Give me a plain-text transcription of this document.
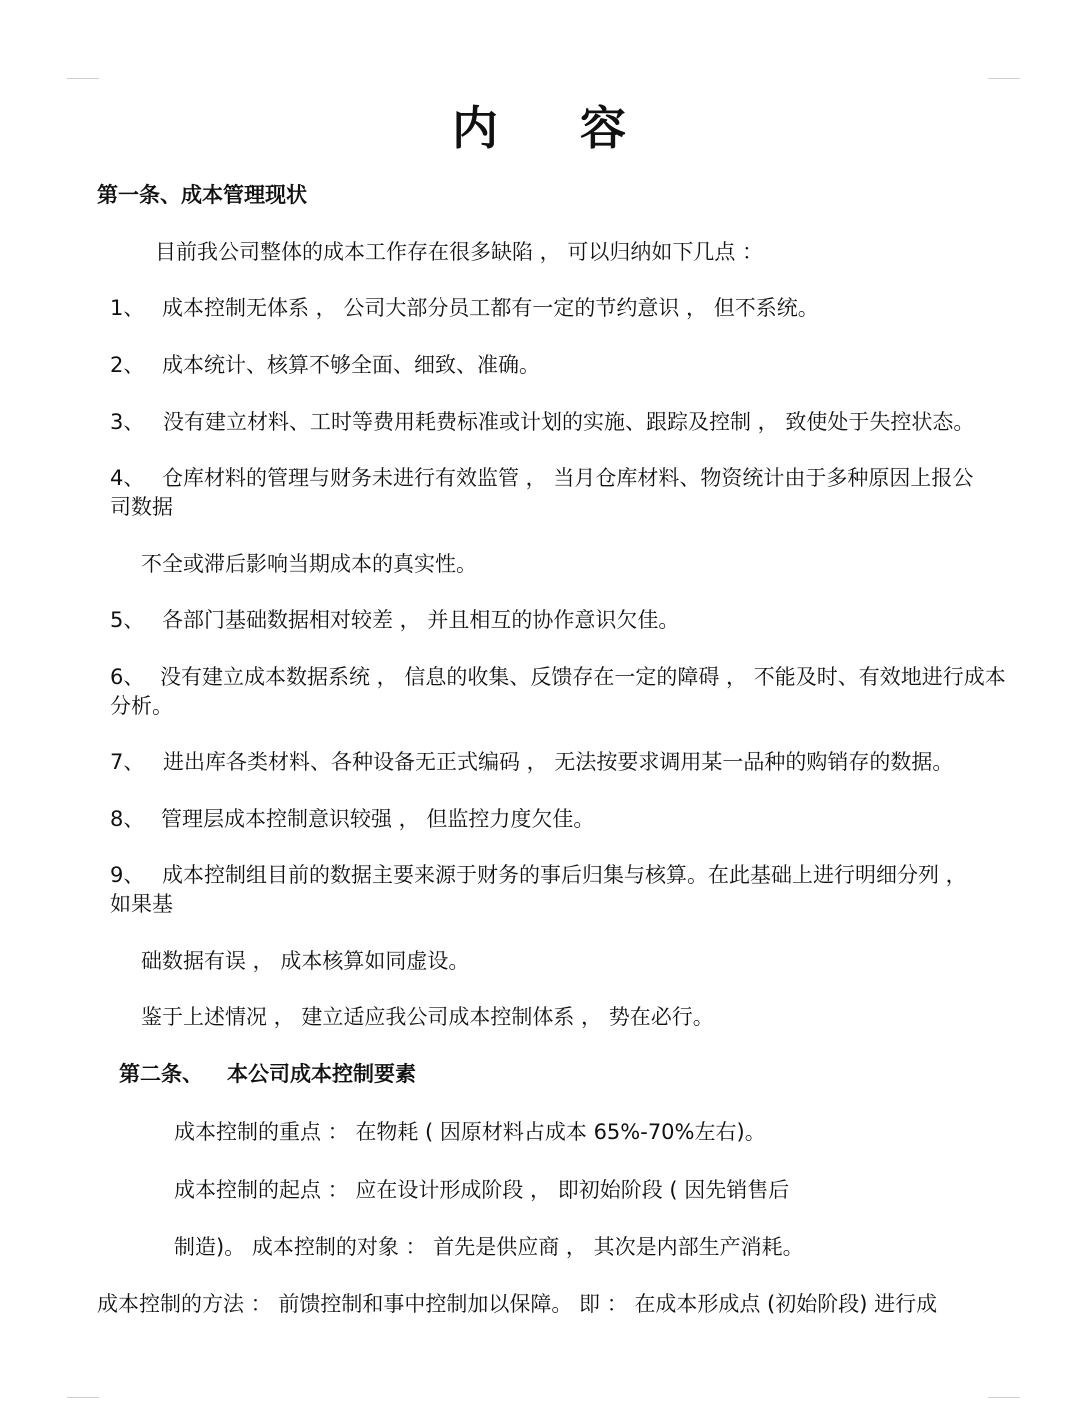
内 容

第一条、成本管理现状

目前我公司整体的成本工作存在很多缺陷 ， 可以归纳如下几点 ：

1、 成本控制无体系 ， 公司大部分员工都有一定的节约意识 ， 但不系统。

2、 成本统计、核算不够全面、细致、准确。

3、 没有建立材料、工时等费用耗费标准或计划的实施、跟踪及控制 ， 致使处于失控状态。

4、 仓库材料的管理与财务未进行有效监管 ， 当月仓库材料、物资统计由于多种原因上报公

司数据

不全或滞后影响当期成本的真实性。

5、 各部门基础数据相对较差 ， 并且相互的协作意识欠佳。

6、 没有建立成本数据系统 ， 信息的收集、反馈存在一定的障碍 ， 不能及时、有效地进行成本

分析。

7、 进出库各类材料、各种设备无正式编码 ， 无法按要求调用某一品种的购销存的数据。

8、 管理层成本控制意识较强 ， 但监控力度欠佳。

9、 成本控制组目前的数据主要来源于财务的事后归集与核算。在此基础上进行明细分列 ，

如果基

础数据有误 ， 成本核算如同虚设。

鉴于上述情况 ， 建立适应我公司成本控制体系 ， 势在必行。

第二条、 本公司成本控制要素

成本控制的重点 ： 在物耗 ( 因原材料占成本 65%-70%左右)。

成本控制的起点 ： 应在设计形成阶段 ， 即初始阶段 ( 因先销售后

制造)。 成本控制的对象 ： 首先是供应商 ， 其次是内部生产消耗。

成本控制的方法 ： 前馈控制和事中控制加以保障。 即 ： 在成本形成点 (初始阶段) 进行成
